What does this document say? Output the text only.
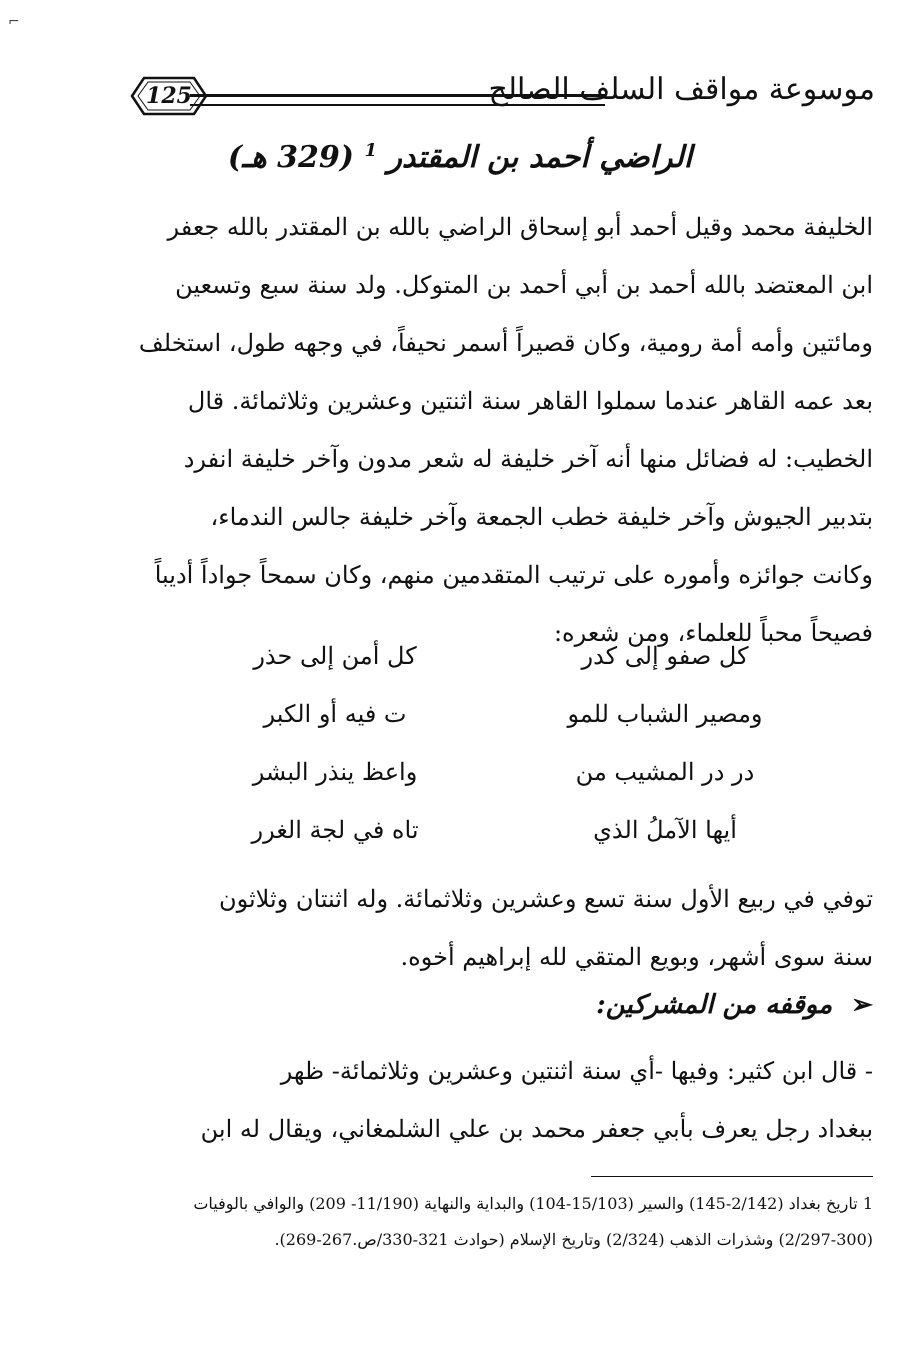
⌐
125	موسوعة مواقف السلف الصالح
الراضي أحمد بن المقتدر $^1$ (329 هـ)

الخليفة محمد وقيل أحمد أبو إسحاق الراضي بالله بن المقتدر بالله جعفر

ابن المعتضد بالله أحمد بن أبي أحمد بن المتوكل. ولد سنة سبع وتسعين

ومائتين وأمه أمة رومية، وكان قصيراً أسمر نحيفاً، في وجهه طول، استخلف

بعد عمه القاهر عندما سملوا القاهر سنة اثنتين وعشرين وثلاثمائة. قال

الخطيب: له فضائل منها أنه آخر خليفة له شعر مدون وآخر خليفة انفرد

بتدبير الجيوش وآخر خليفة خطب الجمعة وآخر خليفة جالس الندماء،

وكانت جوائزه وأموره على ترتيب المتقدمين منهم، وكان سمحاً جواداً أديباً

فصيحاً محباً للعلماء، ومن شعره:

كل صفو إلى كدر
كل أمن إلى حذر
ومصير الشباب للمو
ت فيه أو الكبر
در در المشيب من
واعظ ينذر البشر
أيها الآملُ الذي
تاه في لجة الغرر

توفي في ربيع الأول سنة تسع وعشرين وثلاثمائة. وله اثنتان وثلاثون

سنة سوى أشهر، وبويع المتقي لله إبراهيم أخوه.

➢ موقفه من المشركين:

- قال ابن كثير: وفيها -أي سنة اثنتين وعشرين وثلاثمائة- ظهر

ببغداد رجل يعرف بأبي جعفر محمد بن علي الشلمغاني، ويقال له ابن

1 تاريخ بغداد (2/142-145) والسير (15/103-104) والبداية والنهاية (11/190- 209) والوافي بالوفيات

(2/297-300) وشذرات الذهب (2/324) وتاريخ الإسلام (حوادث 321-330/ص.267-269).
